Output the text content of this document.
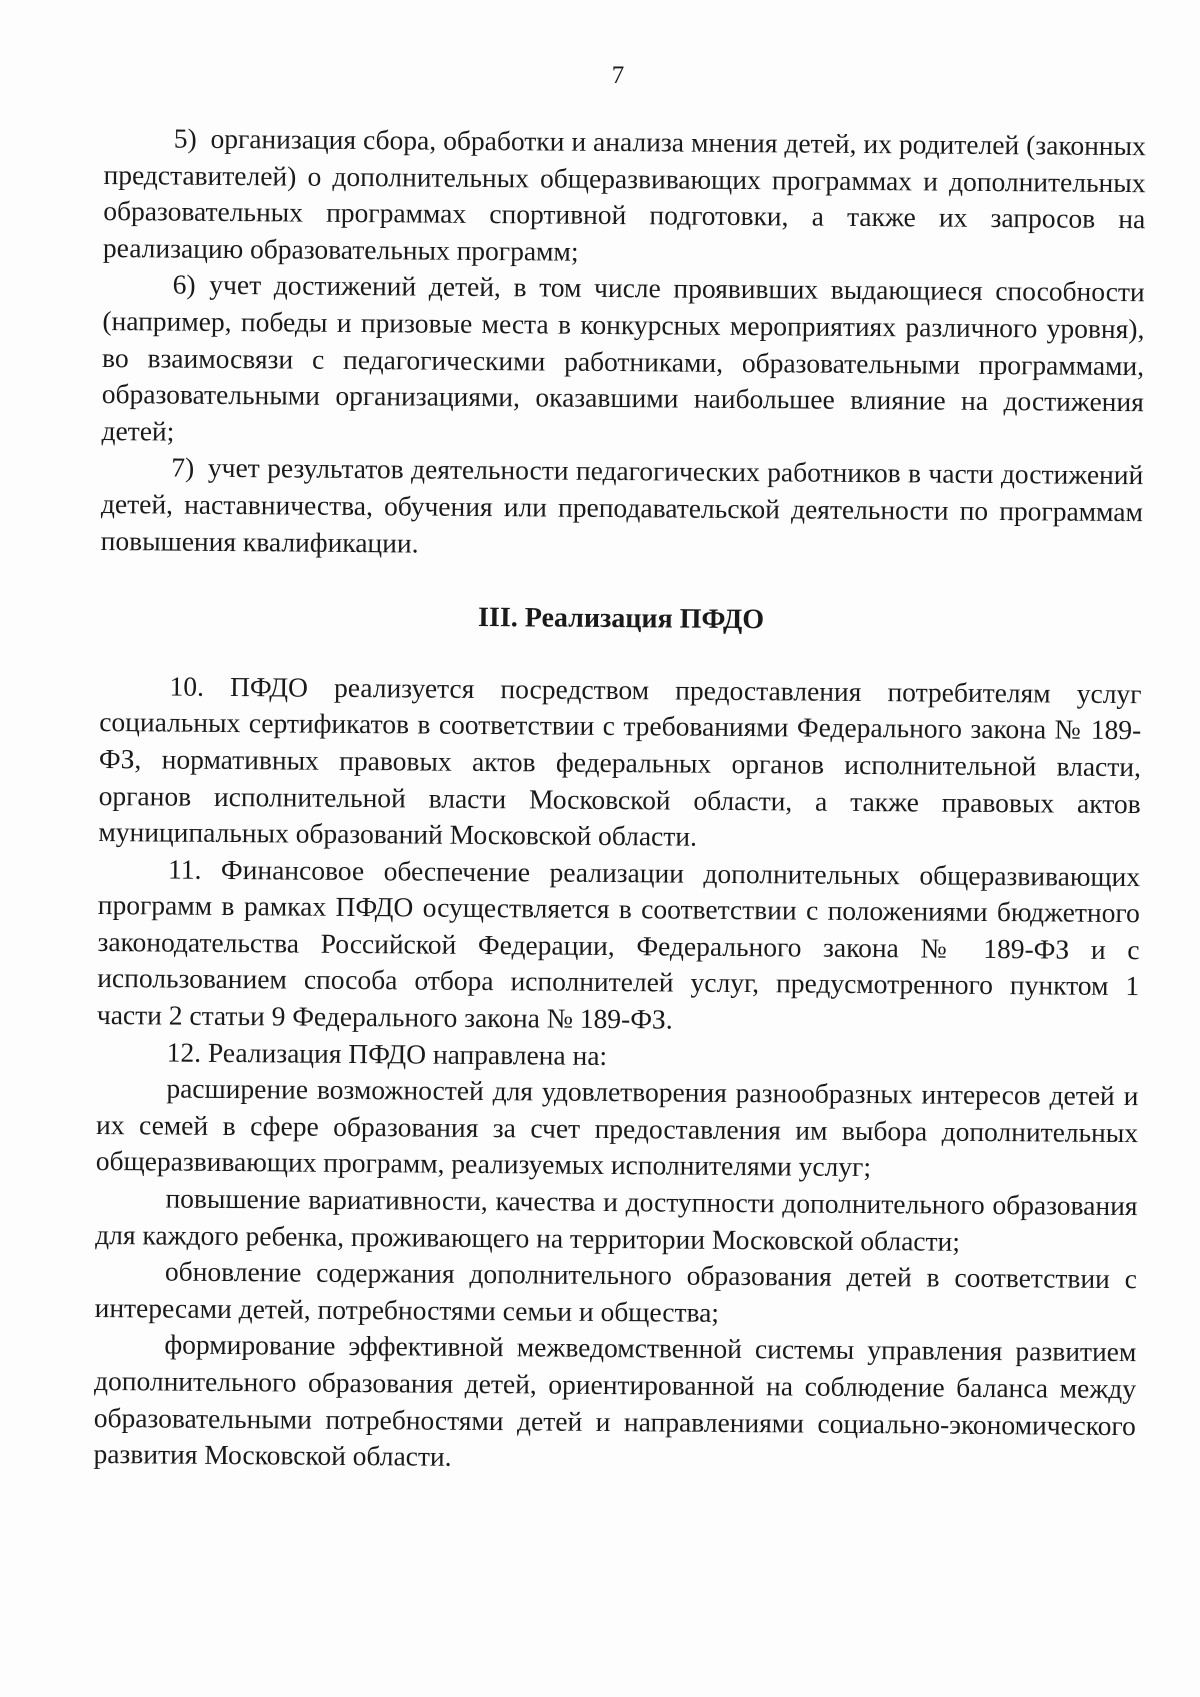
7

5) организация сбора, обработки и анализа мнения детей, их родителей (законных представителей) о дополнительных общеразвивающих программах и дополнительных образовательных программах спортивной подготовки, а также их запросов на реализацию образовательных программ;

6) учет достижений детей, в том числе проявивших выдающиеся способности (например, победы и призовые места в конкурсных мероприятиях различного уровня), во взаимосвязи с педагогическими работниками, образовательными программами, образовательными организациями, оказавшими наибольшее влияние на достижения детей;

7) учет результатов деятельности педагогических работников в части достижений детей, наставничества, обучения или преподавательской деятельности по программам повышения квалификации.

III. Реализация ПФДО

10. ПФДО реализуется посредством предоставления потребителям услуг социальных сертификатов в соответствии с требованиями Федерального закона № 189-ФЗ, нормативных правовых актов федеральных органов исполнительной власти, органов исполнительной власти Московской области, а также правовых актов муниципальных образований Московской области.

11. Финансовое обеспечение реализации дополнительных общеразвивающих программ в рамках ПФДО осуществляется в соответствии с положениями бюджетного законодательства Российской Федерации, Федерального закона № 189-ФЗ и с использованием способа отбора исполнителей услуг, предусмотренного пунктом 1 части 2 статьи 9 Федерального закона № 189-ФЗ.

12. Реализация ПФДО направлена на:

расширение возможностей для удовлетворения разнообразных интересов детей и их семей в сфере образования за счет предоставления им выбора дополнительных общеразвивающих программ, реализуемых исполнителями услуг;

повышение вариативности, качества и доступности дополнительного образования для каждого ребенка, проживающего на территории Московской области;

обновление содержания дополнительного образования детей в соответствии с интересами детей, потребностями семьи и общества;

формирование эффективной межведомственной системы управления развитием дополнительного образования детей, ориентированной на соблюдение баланса между образовательными потребностями детей и направлениями социально-экономического развития Московской области.
